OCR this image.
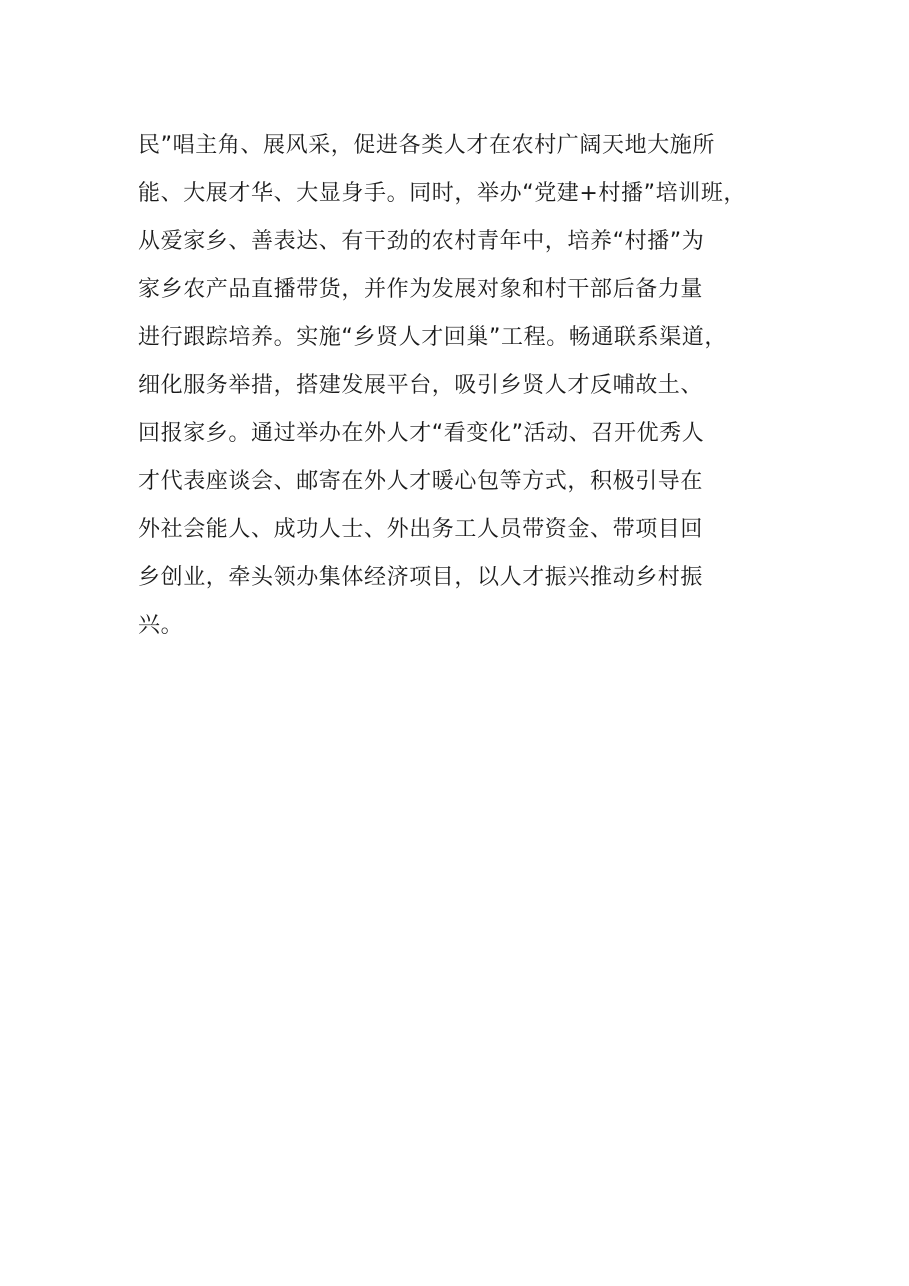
民”唱主角、展风采，促进各类人才在农村广阔天地大施所
能、大展才华、大显身手。同时，举办“党建+村播”培训班，
从爱家乡、善表达、有干劲的农村青年中，培养“村播”为
家乡农产品直播带货，并作为发展对象和村干部后备力量
进行跟踪培养。实施“乡贤人才回巢”工程。畅通联系渠道，
细化服务举措，搭建发展平台，吸引乡贤人才反哺故土、
回报家乡。通过举办在外人才“看变化”活动、召开优秀人
才代表座谈会、邮寄在外人才暖心包等方式，积极引导在
外社会能人、成功人士、外出务工人员带资金、带项目回
乡创业，牵头领办集体经济项目，以人才振兴推动乡村振
兴。
